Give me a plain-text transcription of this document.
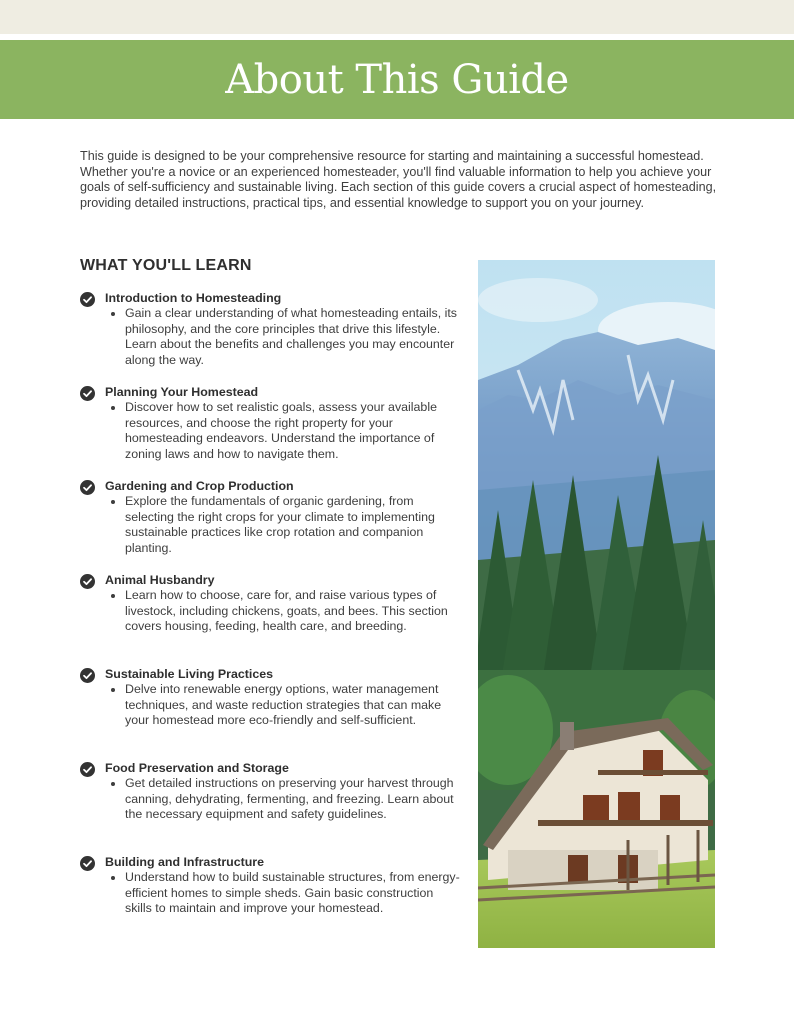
About This Guide

This guide is designed to be your comprehensive resource for starting and maintaining a successful homestead. Whether you're a novice or an experienced homesteader, you'll find valuable information to help you achieve your goals of self-sufficiency and sustainable living. Each section of this guide covers a crucial aspect of homesteading, providing detailed instructions, practical tips, and essential knowledge to support you on your journey.

WHAT YOU'LL LEARN
Introduction to Homesteading
Gain a clear understanding of what homesteading entails, its philosophy, and the core principles that drive this lifestyle. Learn about the benefits and challenges you may encounter along the way.
Planning Your Homestead
Discover how to set realistic goals, assess your available resources, and choose the right property for your homesteading endeavors. Understand the importance of zoning laws and how to navigate them.
Gardening and Crop Production
Explore the fundamentals of organic gardening, from selecting the right crops for your climate to implementing sustainable practices like crop rotation and companion planting.
Animal Husbandry
Learn how to choose, care for, and raise various types of livestock, including chickens, goats, and bees. This section covers housing, feeding, health care, and breeding.
Sustainable Living Practices
Delve into renewable energy options, water management techniques, and waste reduction strategies that can make your homestead more eco-friendly and self-sufficient.
Food Preservation and Storage
Get detailed instructions on preserving your harvest through canning, dehydrating, fermenting, and freezing. Learn about the necessary equipment and safety guidelines.
Building and Infrastructure
Understand how to build sustainable structures, from energy-efficient homes to simple sheds. Gain basic construction skills to maintain and improve your homestead.
